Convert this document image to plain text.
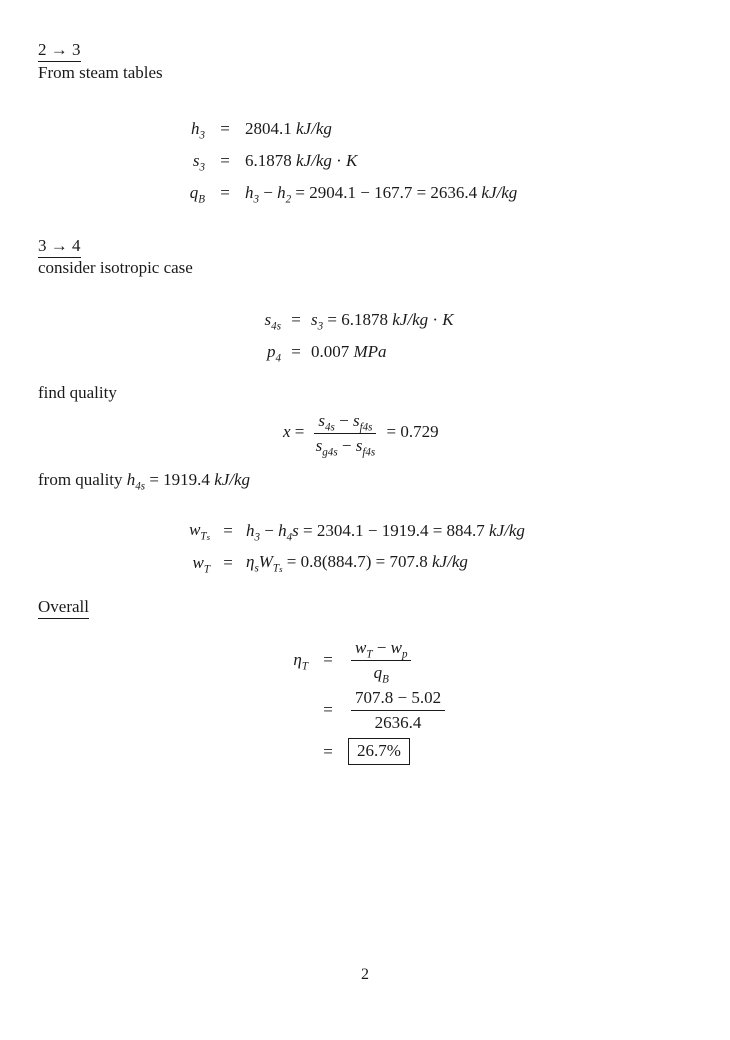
2 → 3
From steam tables
$h_3 = 2804.1$ kJ/kg
$s_3 = 6.1878$ kJ/kg · K
$q_B = h_3 - h_2 = 2904.1 - 167.7 = 2636.4$ kJ/kg
3 → 4
consider isotropic case
$s_{4s} = s_3 = 6.1878$ kJ/kg · K
$p_4 = 0.007$ MPa
find quality
$x = \frac{s_{4s} - s_{f4s}}{s_{g4s} - s_{f4s}} = 0.729$
from quality $h_{4s} = 1919.4$ kJ/kg
$w_{Ts} = h_3 - h_4s = 2304.1 - 1919.4 = 884.7$ kJ/kg
$w_T = \eta_sW_{Ts} = 0.8(884.7) = 707.8$ kJ/kg
Overall
$\eta_T$ =	$\frac{w_T - w_p}{q_B}$
=	$\frac{707.8 - 5.02}{2636.4}$
=	26.7%
2
